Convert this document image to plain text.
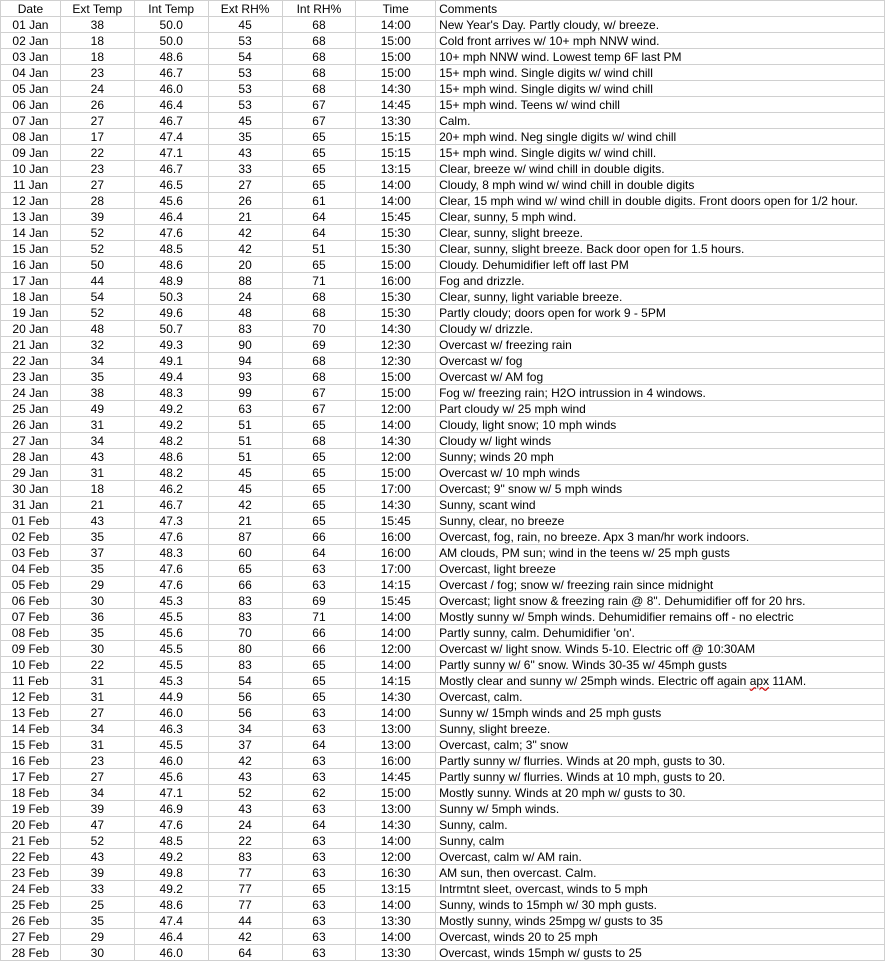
Date	Ext Temp	Int Temp	Ext RH%	Int RH%	Time	Comments
01 Jan	38	50.0	45	68	14:00	New Year's Day. Partly cloudy, w/ breeze.
02 Jan	18	50.0	53	68	15:00	Cold front arrives w/ 10+ mph NNW wind.
03 Jan	18	48.6	54	68	15:00	10+ mph NNW wind. Lowest temp 6F last PM
04 Jan	23	46.7	53	68	15:00	15+ mph wind. Single digits w/ wind chill
05 Jan	24	46.0	53	68	14:30	15+ mph wind. Single digits w/ wind chill
06 Jan	26	46.4	53	67	14:45	15+ mph wind. Teens w/ wind chill
07 Jan	27	46.7	45	67	13:30	Calm.
08 Jan	17	47.4	35	65	15:15	20+ mph wind. Neg single digits w/ wind chill
09 Jan	22	47.1	43	65	15:15	15+ mph wind. Single digits w/ wind chill.
10 Jan	23	46.7	33	65	13:15	Clear, breeze w/ wind chill in double digits.
11 Jan	27	46.5	27	65	14:00	Cloudy, 8 mph wind w/ wind chill in double digits
12 Jan	28	45.6	26	61	14:00	Clear, 15 mph wind w/ wind chill in double digits. Front doors open for 1/2 hour.
13 Jan	39	46.4	21	64	15:45	Clear, sunny, 5 mph wind.
14 Jan	52	47.6	42	64	15:30	Clear, sunny, slight breeze.
15 Jan	52	48.5	42	51	15:30	Clear, sunny, slight breeze. Back door open for 1.5 hours.
16 Jan	50	48.6	20	65	15:00	Cloudy. Dehumidifier left off last PM
17 Jan	44	48.9	88	71	16:00	Fog and drizzle.
18 Jan	54	50.3	24	68	15:30	Clear, sunny, light variable breeze.
19 Jan	52	49.6	48	68	15:30	Partly cloudy; doors open for work 9 - 5PM
20 Jan	48	50.7	83	70	14:30	Cloudy w/ drizzle.
21 Jan	32	49.3	90	69	12:30	Overcast w/ freezing rain
22 Jan	34	49.1	94	68	12:30	Overcast w/ fog
23 Jan	35	49.4	93	68	15:00	Overcast w/ AM fog
24 Jan	38	48.3	99	67	15:00	Fog w/ freezing rain; H2O intrussion in 4 windows.
25 Jan	49	49.2	63	67	12:00	Part cloudy w/ 25 mph wind
26 Jan	31	49.2	51	65	14:00	Cloudy, light snow; 10 mph winds
27 Jan	34	48.2	51	68	14:30	Cloudy w/ light winds
28 Jan	43	48.6	51	65	12:00	Sunny; winds 20 mph
29 Jan	31	48.2	45	65	15:00	Overcast w/ 10 mph winds
30 Jan	18	46.2	45	65	17:00	Overcast; 9" snow w/ 5 mph winds
31 Jan	21	46.7	42	65	14:30	Sunny, scant wind
01 Feb	43	47.3	21	65	15:45	Sunny, clear, no breeze
02 Feb	35	47.6	87	66	16:00	Overcast, fog, rain, no breeze. Apx 3 man/hr work indoors.
03 Feb	37	48.3	60	64	16:00	AM clouds, PM sun; wind in the teens w/ 25 mph gusts
04 Feb	35	47.6	65	63	17:00	Overcast, light breeze
05 Feb	29	47.6	66	63	14:15	Overcast / fog; snow w/ freezing rain since midnight
06 Feb	30	45.3	83	69	15:45	Overcast; light snow & freezing rain @ 8". Dehumidifier off for 20 hrs.
07 Feb	36	45.5	83	71	14:00	Mostly sunny w/ 5mph winds. Dehumidifier remains off - no electric
08 Feb	35	45.6	70	66	14:00	Partly sunny, calm. Dehumidifier 'on'.
09 Feb	30	45.5	80	66	12:00	Overcast w/ light snow. Winds 5-10. Electric off @ 10:30AM
10 Feb	22	45.5	83	65	14:00	Partly sunny w/ 6" snow. Winds 30-35 w/ 45mph gusts
11 Feb	31	45.3	54	65	14:15	Mostly clear and sunny w/ 25mph winds. Electric off again apx 11AM.
12 Feb	31	44.9	56	65	14:30	Overcast, calm.
13 Feb	27	46.0	56	63	14:00	Sunny w/ 15mph winds and 25 mph gusts
14 Feb	34	46.3	34	63	13:00	Sunny, slight breeze.
15 Feb	31	45.5	37	64	13:00	Overcast, calm; 3" snow
16 Feb	23	46.0	42	63	16:00	Partly sunny w/ flurries. Winds at 20 mph, gusts to 30.
17 Feb	27	45.6	43	63	14:45	Partly sunny w/ flurries. Winds at 10 mph, gusts to 20.
18 Feb	34	47.1	52	62	15:00	Mostly sunny. Winds at 20 mph w/ gusts to 30.
19 Feb	39	46.9	43	63	13:00	Sunny w/ 5mph winds.
20 Feb	47	47.6	24	64	14:30	Sunny, calm.
21 Feb	52	48.5	22	63	14:00	Sunny, calm
22 Feb	43	49.2	83	63	12:00	Overcast, calm w/ AM rain.
23 Feb	39	49.8	77	63	16:30	AM sun, then overcast. Calm.
24 Feb	33	49.2	77	65	13:15	Intrmtnt sleet, overcast, winds to 5 mph
25 Feb	25	48.6	77	63	14:00	Sunny, winds to 15mph w/ 30 mph gusts.
26 Feb	35	47.4	44	63	13:30	Mostly sunny, winds 25mpg w/ gusts to 35
27 Feb	29	46.4	42	63	14:00	Overcast, winds 20 to 25 mph
28 Feb	30	46.0	64	63	13:30	Overcast, winds 15mph w/ gusts to 25
